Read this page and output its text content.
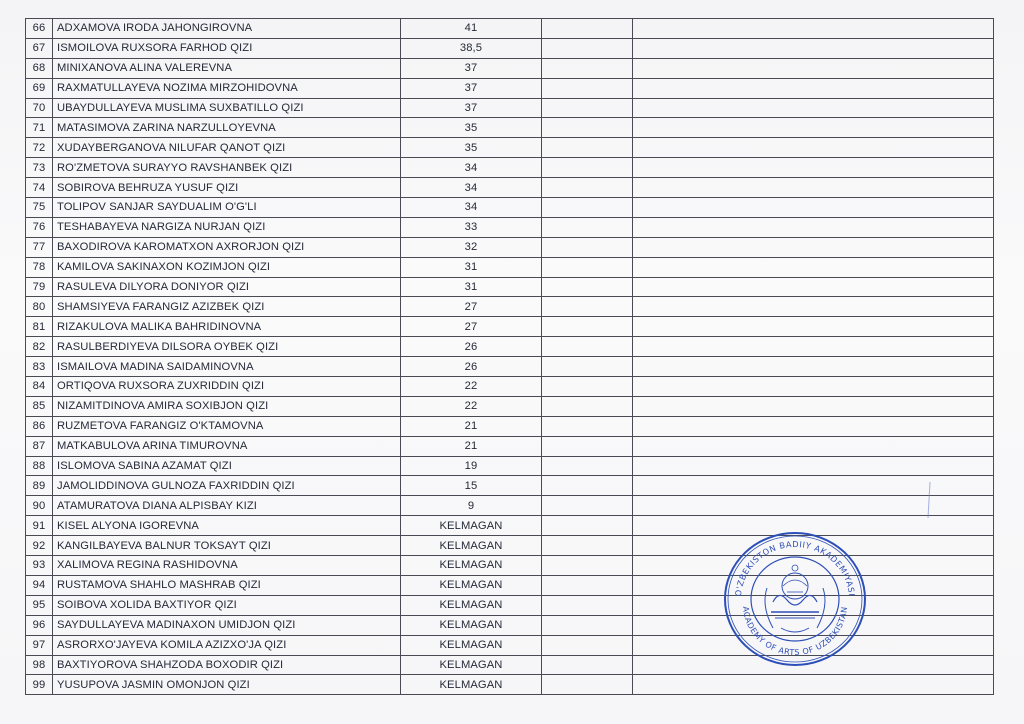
66	ADXAMOVA IRODA JAHONGIROVNA	41		
67	ISMOILOVA RUXSORA FARHOD QIZI	38,5		
68	MINIXANOVA ALINA VALEREVNA	37		
69	RAXMATULLAYEVA NOZIMA MIRZOHIDOVNA	37		
70	UBAYDULLAYEVA MUSLIMA SUXBATILLO QIZI	37		
71	MATASIMOVA ZARINA NARZULLOYEVNA	35		
72	XUDAYBERGANOVA NILUFAR QANOT QIZI	35		
73	RO'ZMETOVA SURAYYO RAVSHANBEK QIZI	34		
74	SOBIROVA BEHRUZA YUSUF QIZI	34		
75	TOLIPOV SANJAR SAYDUALIM O'G'LI	34		
76	TESHABAYEVA NARGIZA NURJAN QIZI	33		
77	BAXODIROVA KAROMATXON AXRORJON QIZI	32		
78	KAMILOVA SAKINAXON KOZIMJON QIZI	31		
79	RASULEVA DILYORA DONIYOR QIZI	31		
80	SHAMSIYEVA FARANGIZ AZIZBEK QIZI	27		
81	RIZAKULOVA MALIKA BAHRIDINOVNA	27		
82	RASULBERDIYEVA DILSORA OYBEK QIZI	26		
83	ISMAILOVA MADINA SAIDAMINOVNA	26		
84	ORTIQOVA RUXSORA ZUXRIDDIN QIZI	22		
85	NIZAMITDINOVA AMIRA SOXIBJON QIZI	22		
86	RUZMETOVA FARANGIZ O'KTAMOVNA	21		
87	MATKABULOVA ARINA TIMUROVNA	21		
88	ISLOMOVA SABINA AZAMAT QIZI	19		
89	JAMOLIDDINOVA GULNOZA FAXRIDDIN QIZI	15		
90	ATAMURATOVA DIANA ALPISBAY KIZI	9		
91	KISEL ALYONA IGOREVNA	KELMAGAN		
92	KANGILBAYEVA BALNUR TOKSAYT QIZI	KELMAGAN		
93	XALIMOVA REGINA RASHIDOVNA	KELMAGAN		
94	RUSTAMOVA SHAHLO MASHRAB QIZI	KELMAGAN		
95	SOIBOVA XOLIDA BAXTIYOR QIZI	KELMAGAN		
96	SAYDULLAYEVA MADINAXON UMIDJON QIZI	KELMAGAN		
97	ASRORXO'JAYEVA KOMILA AZIZXO'JA QIZI	KELMAGAN		
98	BAXTIYOROVA SHAHZODA BOXODIR QIZI	KELMAGAN		
99	YUSUPOVA JASMIN OMONJON QIZI	KELMAGAN		
O'ZBEKISTON BADIIY AKADEMIYASI
ACADEMY OF ARTS OF UZBEKISTAN
